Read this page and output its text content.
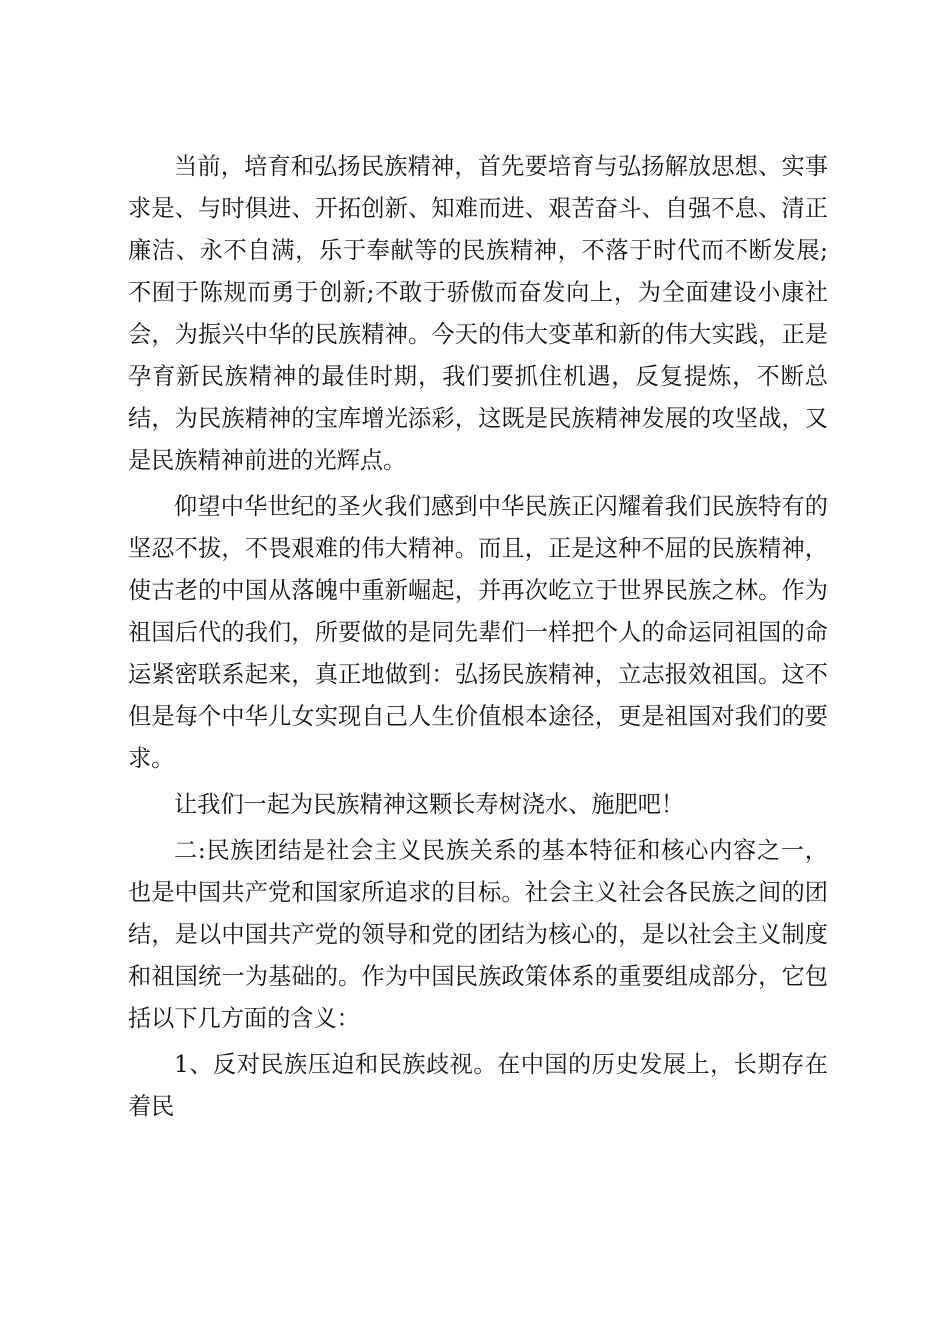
当前，培育和弘扬民族精神，首先要培育与弘扬解放思想、实事求是、与时俱进、开拓创新、知难而进、艰苦奋斗、自强不息、清正廉洁、永不自满，乐于奉献等的民族精神，不落于时代而不断发展;不囿于陈规而勇于创新;不敢于骄傲而奋发向上，为全面建设小康社会，为振兴中华的民族精神。今天的伟大变革和新的伟大实践，正是孕育新民族精神的最佳时期，我们要抓住机遇，反复提炼，不断总结，为民族精神的宝库增光添彩，这既是民族精神发展的攻坚战，又是民族精神前进的光辉点。

仰望中华世纪的圣火我们感到中华民族正闪耀着我们民族特有的坚忍不拔，不畏艰难的伟大精神。而且，正是这种不屈的民族精神，使古老的中国从落魄中重新崛起，并再次屹立于世界民族之林。作为祖国后代的我们，所要做的是同先辈们一样把个人的命运同祖国的命运紧密联系起来，真正地做到：弘扬民族精神，立志报效祖国。这不但是每个中华儿女实现自己人生价值根本途径，更是祖国对我们的要求。

让我们一起为民族精神这颗长寿树浇水、施肥吧！

二:民族团结是社会主义民族关系的基本特征和核心内容之一，也是中国共产党和国家所追求的目标。社会主义社会各民族之间的团结，是以中国共产党的领导和党的团结为核心的，是以社会主义制度和祖国统一为基础的。作为中国民族政策体系的重要组成部分，它包括以下几方面的含义：

1、反对民族压迫和民族歧视。在中国的历史发展上，长期存在着民
